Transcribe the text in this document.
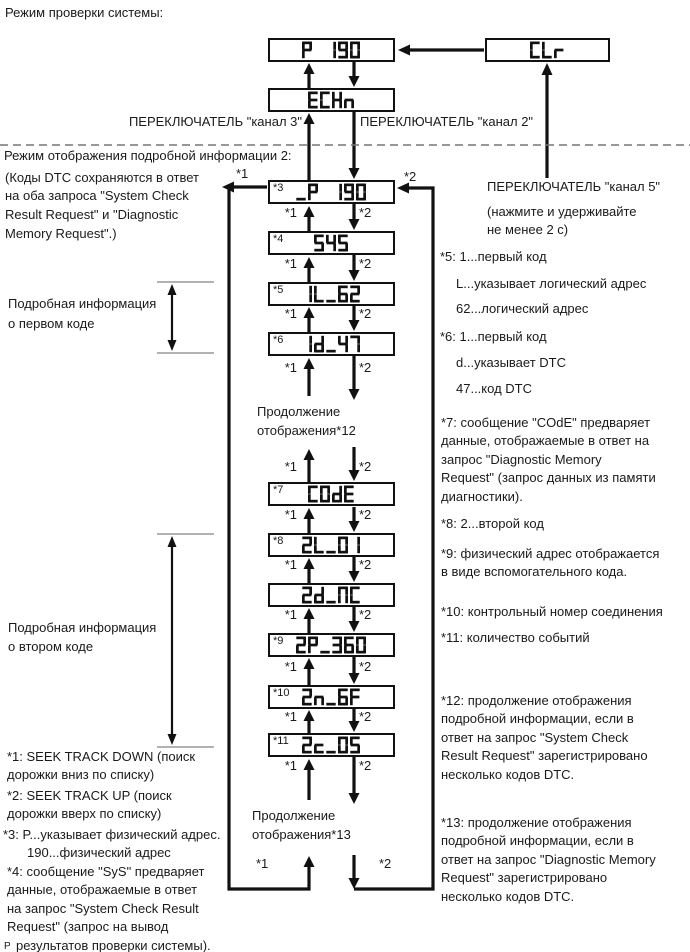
Режим проверки системы:
Режим отображения подробной информации 2:
(Коды DTC сохраняются в ответ
на оба запроса "System Check
Result Request" и "Diagnostic
Memory Request".)
ПЕРЕКЛЮЧАТЕЛЬ "канал 3"	ПЕРЕКЛЮЧАТЕЛЬ "канал 2"
ПЕРЕКЛЮЧАТЕЛЬ "канал 5"
(нажмите и удерживайте
не менее 2 с)
*3
*4
*5
*6
*7
*8
*9
*10
*11
*1	*2
*1	*2
*1	*2
*1	*2
*1	*2
*1	*2
*1	*2
*1	*2
*1	*2
*1	*2
*1	*2
*1	*2
*1	*2
Подробная информация
о первом коде
Подробная информация
о втором коде
Продолжение
отображения*12
Продолжение
отображения*13
*5: 1...первый код
L...указывает логический адрес
62...логический адрес
*6: 1...первый код
d...указывает DTC
47...код DTC
*7: сообщение "COdE" предваряет
данные, отображаемые в ответ на
запрос "Diagnostic Memory
Request" (запрос данных из памяти
диагностики).
*8: 2...второй код
*9: физический адрес отображается
в виде вспомогательного кода.
*10: контрольный номер соединения
*11: количество событий
*12: продолжение отображения
подробной информации, если в
ответ на запрос "System Check
Result Request" зарегистрировано
несколько кодов DTC.
*13: продолжение отображения
подробной информации, если в
ответ на запрос "Diagnostic Memory
Request" зарегистрировано
несколько кодов DTC.
*1: SEEK TRACK DOWN (поиск
дорожки вниз по списку)
*2: SEEK TRACK UP (поиск
дорожки вверх по списку)
*3: P...указывает физический адрес.
190...физический адрес
*4: сообщение "SyS" предваряет
данные, отображаемые в ответ
на запрос "System Check Result
Request" (запрос на вывод
результатов проверки системы).
Р
